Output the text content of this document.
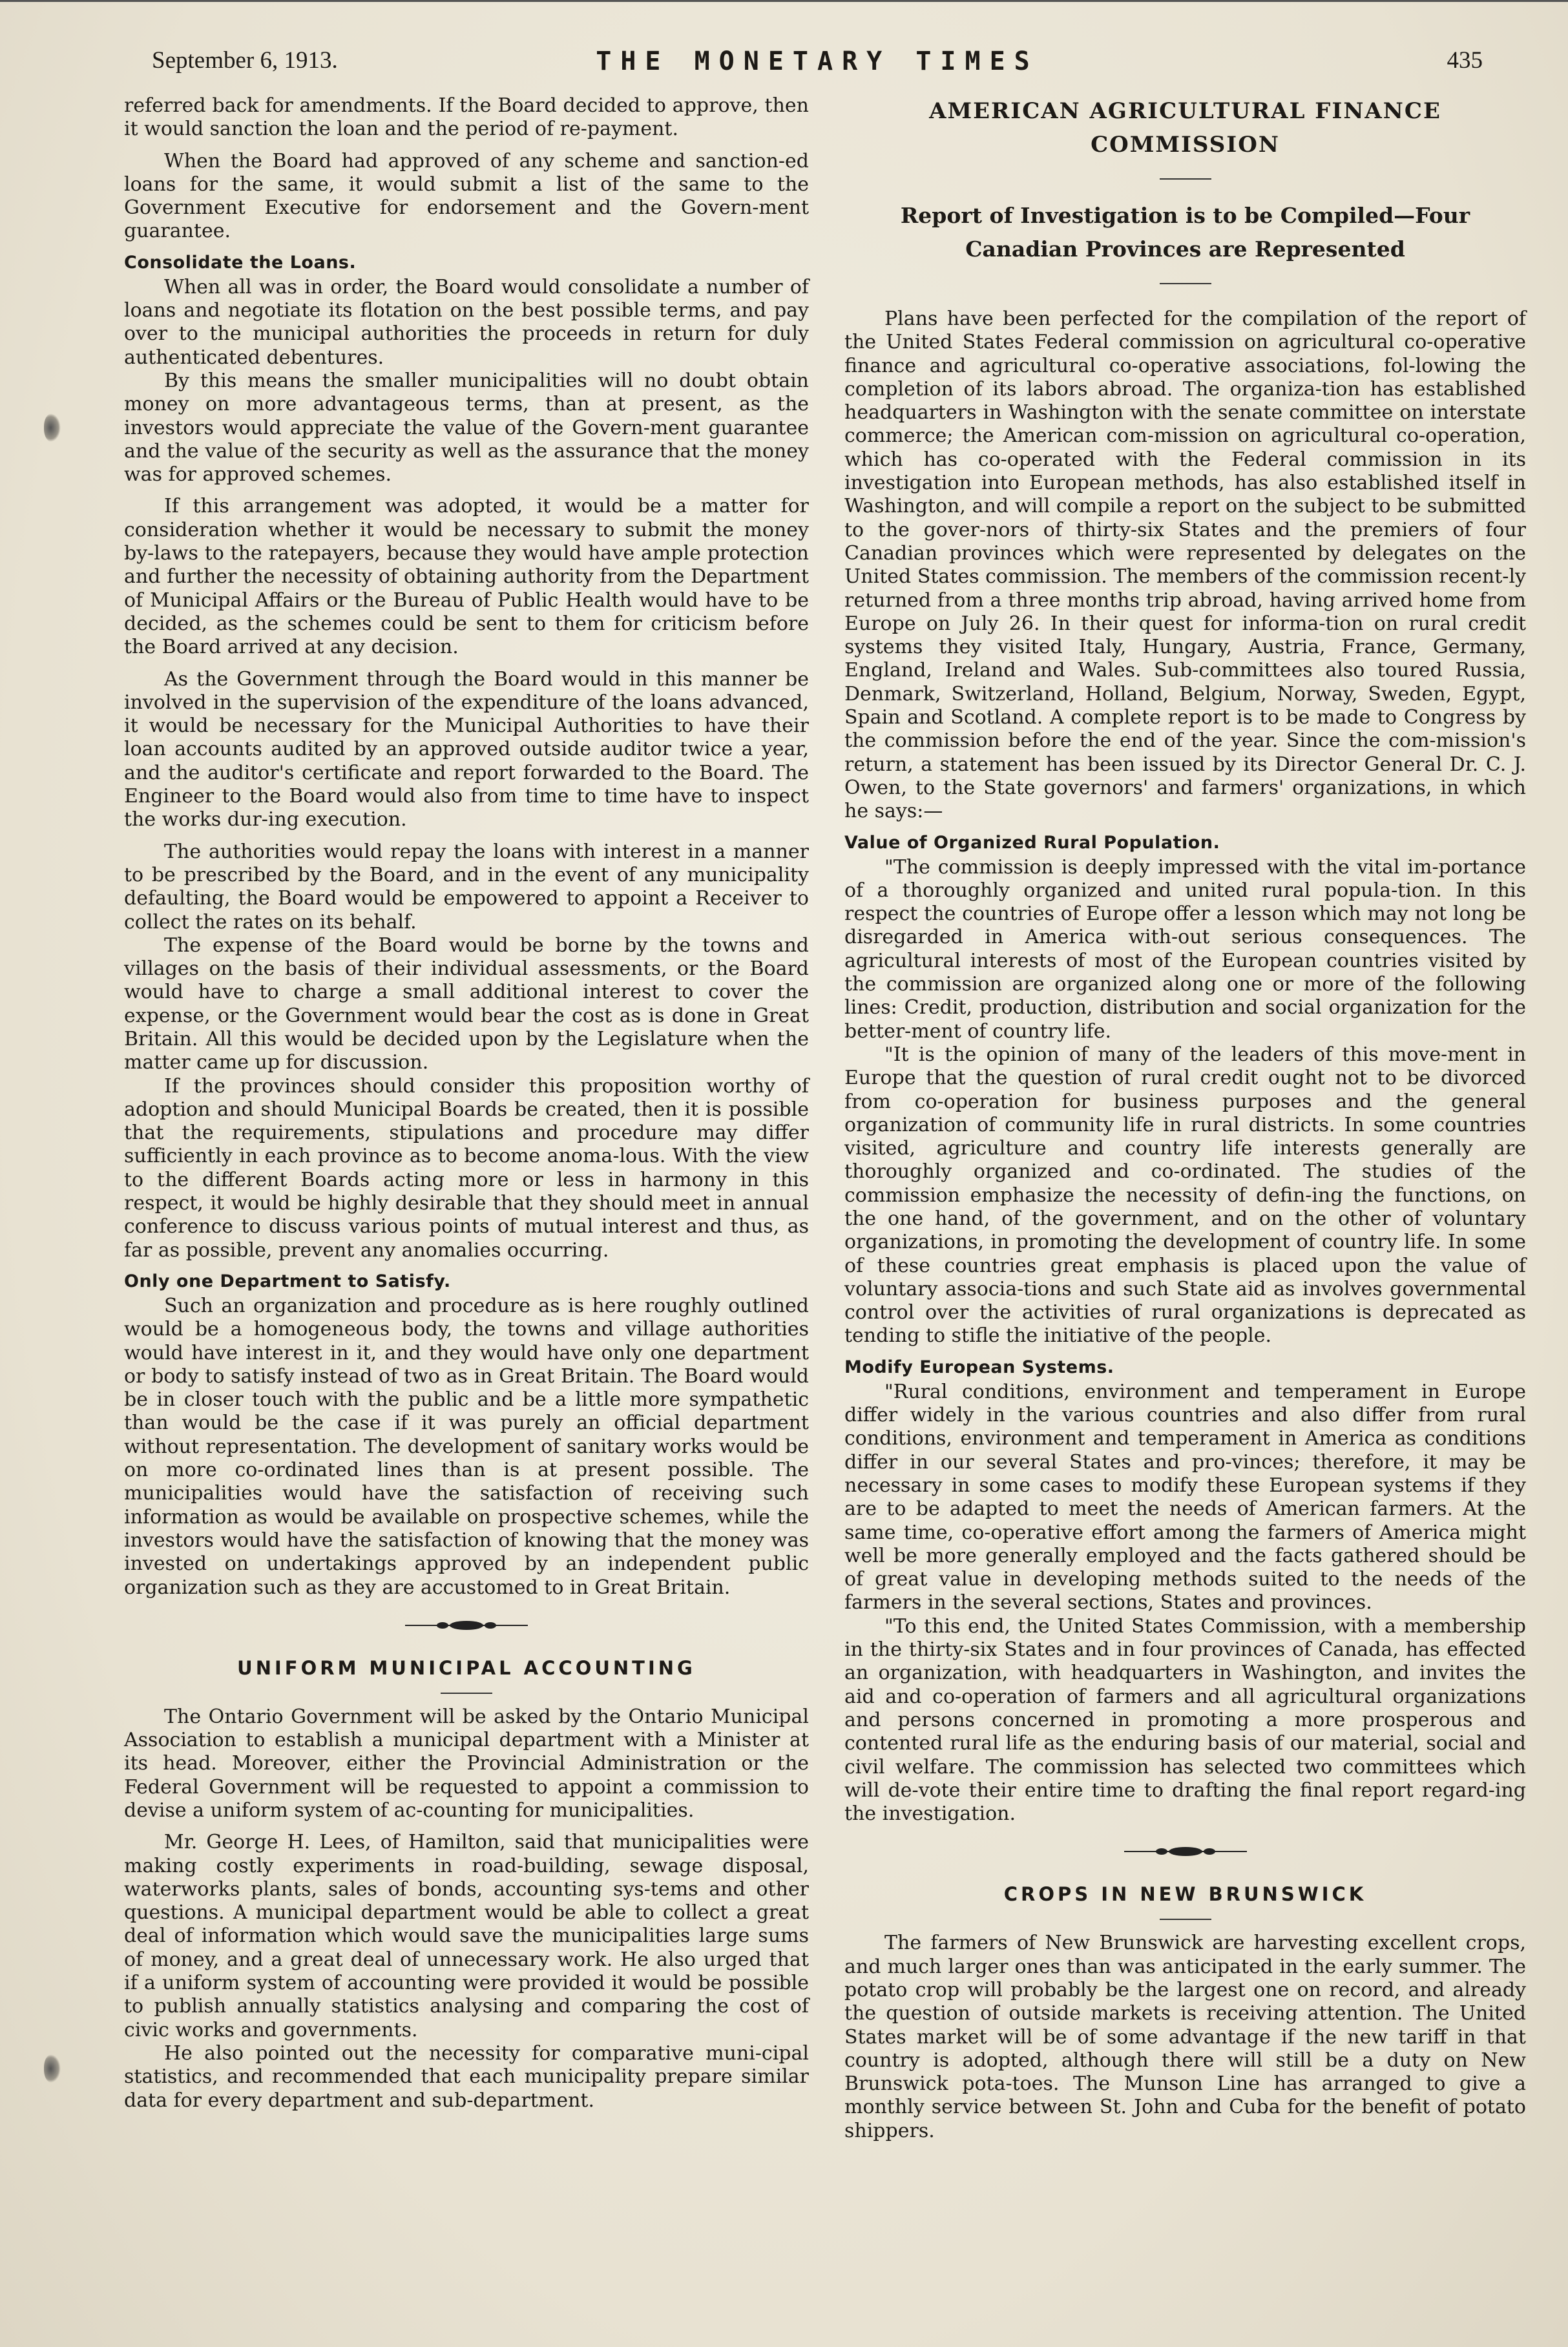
September 6, 1913.	THE MONETARY TIMES	435

referred back for amendments. If the Board decided to approve, then it would sanction the loan and the period of re-payment.

When the Board had approved of any scheme and sanction-ed loans for the same, it would submit a list of the same to the Government Executive for endorsement and the Govern-ment guarantee.

Consolidate the Loans.

When all was in order, the Board would consolidate a number of loans and negotiate its flotation on the best possible terms, and pay over to the municipal authorities the proceeds in return for duly authenticated debentures.

By this means the smaller municipalities will no doubt obtain money on more advantageous terms, than at present, as the investors would appreciate the value of the Govern-ment guarantee and the value of the security as well as the assurance that the money was for approved schemes.

If this arrangement was adopted, it would be a matter for consideration whether it would be necessary to submit the money by-laws to the ratepayers, because they would have ample protection and further the necessity of obtaining authority from the Department of Municipal Affairs or the Bureau of Public Health would have to be decided, as the schemes could be sent to them for criticism before the Board arrived at any decision.

As the Government through the Board would in this manner be involved in the supervision of the expenditure of the loans advanced, it would be necessary for the Municipal Authorities to have their loan accounts audited by an approved outside auditor twice a year, and the auditor's certificate and report forwarded to the Board. The Engineer to the Board would also from time to time have to inspect the works dur-ing execution.

The authorities would repay the loans with interest in a manner to be prescribed by the Board, and in the event of any municipality defaulting, the Board would be empowered to appoint a Receiver to collect the rates on its behalf.

The expense of the Board would be borne by the towns and villages on the basis of their individual assessments, or the Board would have to charge a small additional interest to cover the expense, or the Government would bear the cost as is done in Great Britain. All this would be decided upon by the Legislature when the matter came up for discussion.

If the provinces should consider this proposition worthy of adoption and should Municipal Boards be created, then it is possible that the requirements, stipulations and procedure may differ sufficiently in each province as to become anoma-lous. With the view to the different Boards acting more or less in harmony in this respect, it would be highly desirable that they should meet in annual conference to discuss various points of mutual interest and thus, as far as possible, prevent any anomalies occurring.

Only one Department to Satisfy.

Such an organization and procedure as is here roughly outlined would be a homogeneous body, the towns and village authorities would have interest in it, and they would have only one department or body to satisfy instead of two as in Great Britain. The Board would be in closer touch with the public and be a little more sympathetic than would be the case if it was purely an official department without representation. The development of sanitary works would be on more co-ordinated lines than is at present possible. The municipalities would have the satisfaction of receiving such information as would be available on prospective schemes, while the investors would have the satisfaction of knowing that the money was invested on undertakings approved by an independent public organization such as they are accustomed to in Great Britain.

UNIFORM MUNICIPAL ACCOUNTING

The Ontario Government will be asked by the Ontario Municipal Association to establish a municipal department with a Minister at its head. Moreover, either the Provincial Administration or the Federal Government will be requested to appoint a commission to devise a uniform system of ac-counting for municipalities.

Mr. George H. Lees, of Hamilton, said that municipalities were making costly experiments in road-building, sewage disposal, waterworks plants, sales of bonds, accounting sys-tems and other questions. A municipal department would be able to collect a great deal of information which would save the municipalities large sums of money, and a great deal of unnecessary work. He also urged that if a uniform system of accounting were provided it would be possible to publish annually statistics analysing and comparing the cost of civic works and governments.

He also pointed out the necessity for comparative muni-cipal statistics, and recommended that each municipality prepare similar data for every department and sub-department.

AMERICAN AGRICULTURAL FINANCE COMMISSION
Report of Investigation is to be Compiled—Four Canadian Provinces are Represented

Plans have been perfected for the compilation of the report of the United States Federal commission on agricultural co-operative finance and agricultural co-operative associations, fol-lowing the completion of its labors abroad. The organiza-tion has established headquarters in Washington with the senate committee on interstate commerce; the American com-mission on agricultural co-operation, which has co-operated with the Federal commission in its investigation into European methods, has also established itself in Washington, and will compile a report on the subject to be submitted to the gover-nors of thirty-six States and the premiers of four Canadian provinces which were represented by delegates on the United States commission. The members of the commission recent-ly returned from a three months trip abroad, having arrived home from Europe on July 26. In their quest for informa-tion on rural credit systems they visited Italy, Hungary, Austria, France, Germany, England, Ireland and Wales. Sub-committees also toured Russia, Denmark, Switzerland, Holland, Belgium, Norway, Sweden, Egypt, Spain and Scotland. A complete report is to be made to Congress by the commission before the end of the year. Since the com-mission's return, a statement has been issued by its Director General Dr. C. J. Owen, to the State governors' and farmers' organizations, in which he says:—

Value of Organized Rural Population.

"The commission is deeply impressed with the vital im-portance of a thoroughly organized and united rural popula-tion. In this respect the countries of Europe offer a lesson which may not long be disregarded in America with-out serious consequences. The agricultural interests of most of the European countries visited by the commission are organized along one or more of the following lines: Credit, production, distribution and social organization for the better-ment of country life.

"It is the opinion of many of the leaders of this move-ment in Europe that the question of rural credit ought not to be divorced from co-operation for business purposes and the general organization of community life in rural districts. In some countries visited, agriculture and country life interests generally are thoroughly organized and co-ordinated. The studies of the commission emphasize the necessity of defin-ing the functions, on the one hand, of the government, and on the other of voluntary organizations, in promoting the development of country life. In some of these countries great emphasis is placed upon the value of voluntary associa-tions and such State aid as involves governmental control over the activities of rural organizations is deprecated as tending to stifle the initiative of the people.

Modify European Systems.

"Rural conditions, environment and temperament in Europe differ widely in the various countries and also differ from rural conditions, environment and temperament in America as conditions differ in our several States and pro-vinces; therefore, it may be necessary in some cases to modify these European systems if they are to be adapted to meet the needs of American farmers. At the same time, co-operative effort among the farmers of America might well be more generally employed and the facts gathered should be of great value in developing methods suited to the needs of the farmers in the several sections, States and provinces.

"To this end, the United States Commission, with a membership in the thirty-six States and in four provinces of Canada, has effected an organization, with headquarters in Washington, and invites the aid and co-operation of farmers and all agricultural organizations and persons concerned in promoting a more prosperous and contented rural life as the enduring basis of our material, social and civil welfare. The commission has selected two committees which will de-vote their entire time to drafting the final report regard-ing the investigation.

CROPS IN NEW BRUNSWICK

The farmers of New Brunswick are harvesting excellent crops, and much larger ones than was anticipated in the early summer. The potato crop will probably be the largest one on record, and already the question of outside markets is receiving attention. The United States market will be of some advantage if the new tariff in that country is adopted, although there will still be a duty on New Brunswick pota-toes. The Munson Line has arranged to give a monthly service between St. John and Cuba for the benefit of potato shippers.
